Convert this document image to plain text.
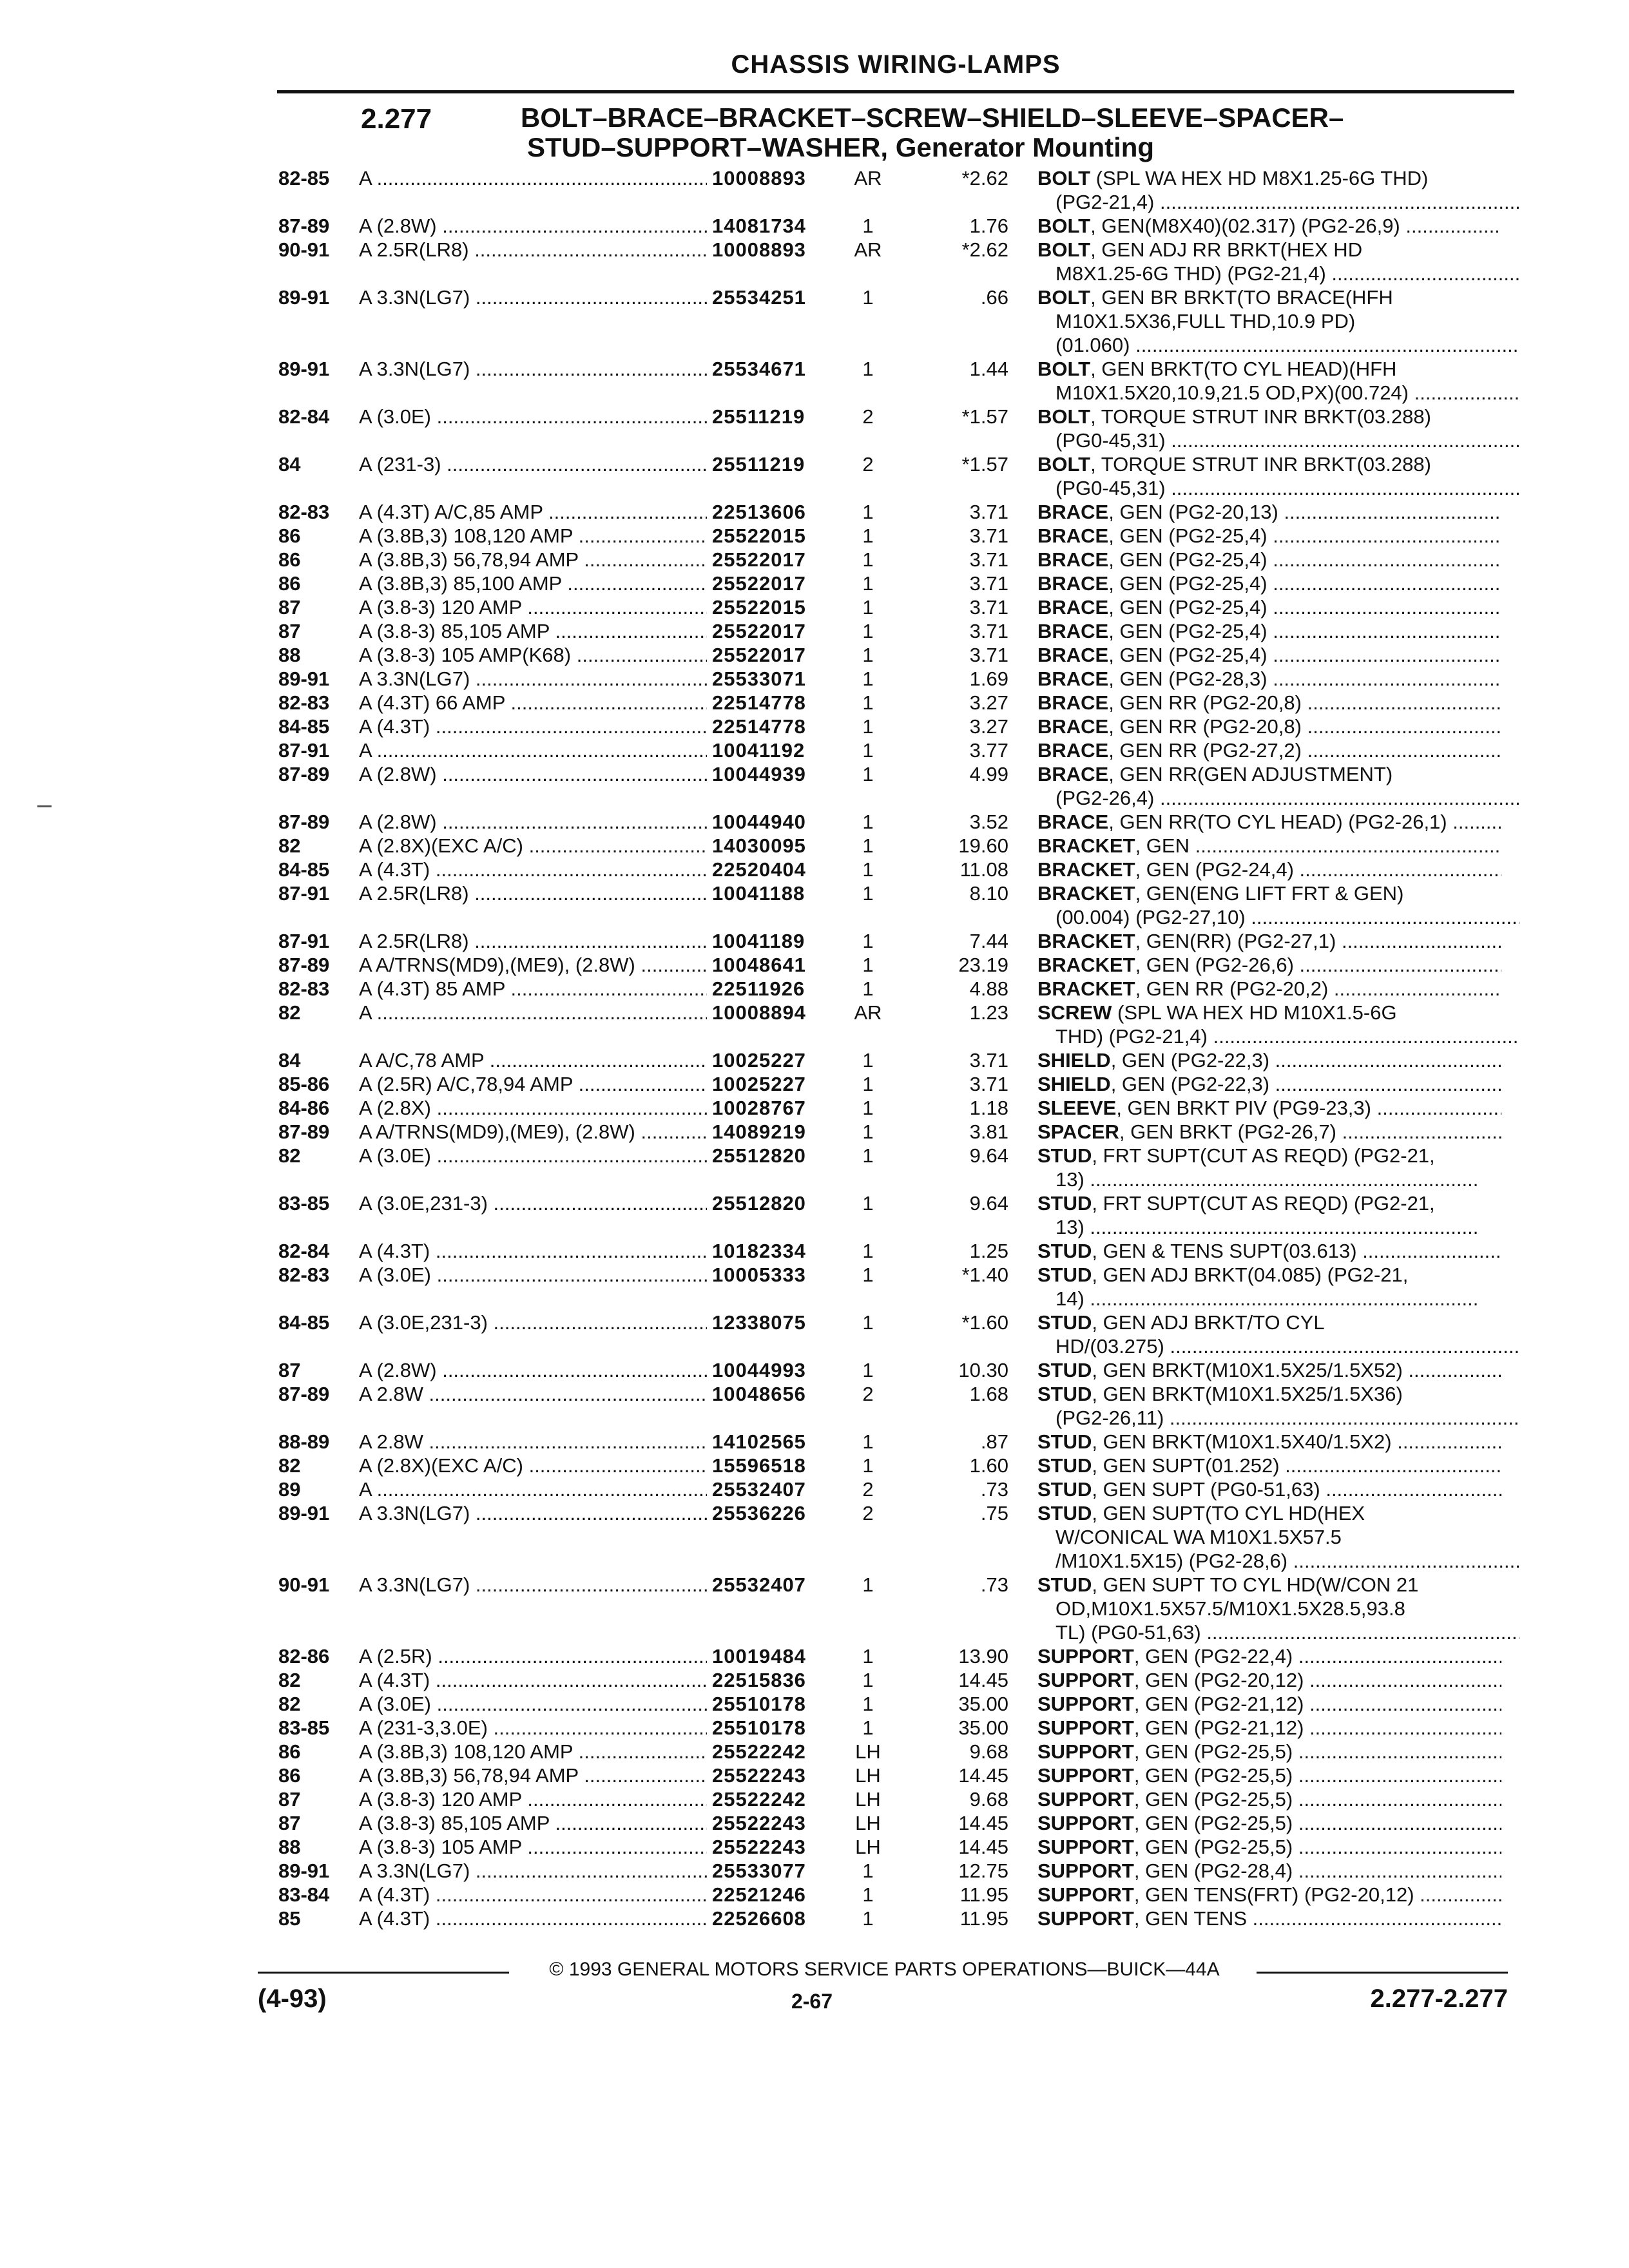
CHASSIS WIRING-LAMPS
2.277	BOLT–BRACE–BRACKET–SCREW–SHIELD–SLEEVE–SPACER–
STUD–SUPPORT–WASHER, Generator Mounting
82-85	A .....	10008893	AR	*2.62 BOLT (SPL WA HEX HD M8X1.25-6G THD)
(PG2-21,4) .....
87-89	A (2.8W) .....	14081734	1	1.76 BOLT, GEN(M8X40)(02.317) (PG2-26,9) .....
90-91	A 2.5R(LR8) .....	10008893	AR	*2.62 BOLT, GEN ADJ RR BRKT(HEX HD
M8X1.25-6G THD) (PG2-21,4) .....
89-91	A 3.3N(LG7) .....	25534251	1	.66 BOLT, GEN BR BRKT(TO BRACE(HFH
M10X1.5X36,FULL THD,10.9 PD)
(01.060) .....
89-91	A 3.3N(LG7) .....	25534671	1	1.44 BOLT, GEN BRKT(TO CYL HEAD)(HFH
M10X1.5X20,10.9,21.5 OD,PX)(00.724) .....
82-84	A (3.0E) .....	25511219	2	*1.57 BOLT, TORQUE STRUT INR BRKT(03.288)
(PG0-45,31) .....
84	A (231-3) .....	25511219	2	*1.57 BOLT, TORQUE STRUT INR BRKT(03.288)
(PG0-45,31) .....
82-83	A (4.3T) A/C,85 AMP .....	22513606	1	3.71 BRACE, GEN (PG2-20,13) .....
86	A (3.8B,3) 108,120 AMP .....	25522015	1	3.71 BRACE, GEN (PG2-25,4) .....
86	A (3.8B,3) 56,78,94 AMP .....	25522017	1	3.71 BRACE, GEN (PG2-25,4) .....
86	A (3.8B,3) 85,100 AMP .....	25522017	1	3.71 BRACE, GEN (PG2-25,4) .....
87	A (3.8-3) 120 AMP .....	25522015	1	3.71 BRACE, GEN (PG2-25,4) .....
87	A (3.8-3) 85,105 AMP .....	25522017	1	3.71 BRACE, GEN (PG2-25,4) .....
88	A (3.8-3) 105 AMP(K68) .....	25522017	1	3.71 BRACE, GEN (PG2-25,4) .....
89-91	A 3.3N(LG7) .....	25533071	1	1.69 BRACE, GEN (PG2-28,3) .....
82-83	A (4.3T) 66 AMP .....	22514778	1	3.27 BRACE, GEN RR (PG2-20,8) .....
84-85	A (4.3T) .....	22514778	1	3.27 BRACE, GEN RR (PG2-20,8) .....
87-91	A .....	10041192	1	3.77 BRACE, GEN RR (PG2-27,2) .....
87-89	A (2.8W) .....	10044939	1	4.99 BRACE, GEN RR(GEN ADJUSTMENT)
(PG2-26,4) .....
87-89	A (2.8W) .....	10044940	1	3.52 BRACE, GEN RR(TO CYL HEAD) (PG2-26,1) .....
82	A (2.8X)(EXC A/C) .....	14030095	1	19.60 BRACKET, GEN .....
84-85	A (4.3T) .....	22520404	1	11.08 BRACKET, GEN (PG2-24,4) .....
87-91	A 2.5R(LR8) .....	10041188	1	8.10 BRACKET, GEN(ENG LIFT FRT & GEN)
(00.004) (PG2-27,10) .....
87-91	A 2.5R(LR8) .....	10041189	1	7.44 BRACKET, GEN(RR) (PG2-27,1) .....
87-89	A A/TRNS(MD9),(ME9), (2.8W) .....	10048641	1	23.19 BRACKET, GEN (PG2-26,6) .....
82-83	A (4.3T) 85 AMP .....	22511926	1	4.88 BRACKET, GEN RR (PG2-20,2) .....
82	A .....	10008894	AR	1.23 SCREW (SPL WA HEX HD M10X1.5-6G
THD) (PG2-21,4) .....
84	A A/C,78 AMP .....	10025227	1	3.71 SHIELD, GEN (PG2-22,3) .....
85-86	A (2.5R) A/C,78,94 AMP .....	10025227	1	3.71 SHIELD, GEN (PG2-22,3) .....
84-86	A (2.8X) .....	10028767	1	1.18 SLEEVE, GEN BRKT PIV (PG9-23,3) .....
87-89	A A/TRNS(MD9),(ME9), (2.8W) .....	14089219	1	3.81 SPACER, GEN BRKT (PG2-26,7) .....
82	A (3.0E) .....	25512820	1	9.64 STUD, FRT SUPT(CUT AS REQD) (PG2-21,
13) .....
83-85	A (3.0E,231-3) .....	25512820	1	9.64 STUD, FRT SUPT(CUT AS REQD) (PG2-21,
13) .....
82-84	A (4.3T) .....	10182334	1	1.25 STUD, GEN & TENS SUPT(03.613) .....
82-83	A (3.0E) .....	10005333	1	*1.40 STUD, GEN ADJ BRKT(04.085) (PG2-21,
14) .....
84-85	A (3.0E,231-3) .....	12338075	1	*1.60 STUD, GEN ADJ BRKT/TO CYL
HD/(03.275) .....
87	A (2.8W) .....	10044993	1	10.30 STUD, GEN BRKT(M10X1.5X25/1.5X52) .....
87-89	A 2.8W .....	10048656	2	1.68 STUD, GEN BRKT(M10X1.5X25/1.5X36)
(PG2-26,11) .....
88-89	A 2.8W .....	14102565	1	.87 STUD, GEN BRKT(M10X1.5X40/1.5X2) .....
82	A (2.8X)(EXC A/C) .....	15596518	1	1.60 STUD, GEN SUPT(01.252) .....
89	A .....	25532407	2	.73 STUD, GEN SUPT (PG0-51,63) .....
89-91	A 3.3N(LG7) .....	25536226	2	.75 STUD, GEN SUPT(TO CYL HD(HEX
W/CONICAL WA M10X1.5X57.5
/M10X1.5X15) (PG2-28,6) .....
90-91	A 3.3N(LG7) .....	25532407	1	.73 STUD, GEN SUPT TO CYL HD(W/CON 21
OD,M10X1.5X57.5/M10X1.5X28.5,93.8
TL) (PG0-51,63) .....
82-86	A (2.5R) .....	10019484	1	13.90 SUPPORT, GEN (PG2-22,4) .....
82	A (4.3T) .....	22515836	1	14.45 SUPPORT, GEN (PG2-20,12) .....
82	A (3.0E) .....	25510178	1	35.00 SUPPORT, GEN (PG2-21,12) .....
83-85	A (231-3,3.0E) .....	25510178	1	35.00 SUPPORT, GEN (PG2-21,12) .....
86	A (3.8B,3) 108,120 AMP .....	25522242	LH	9.68 SUPPORT, GEN (PG2-25,5) .....
86	A (3.8B,3) 56,78,94 AMP .....	25522243	LH	14.45 SUPPORT, GEN (PG2-25,5) .....
87	A (3.8-3) 120 AMP .....	25522242	LH	9.68 SUPPORT, GEN (PG2-25,5) .....
87	A (3.8-3) 85,105 AMP .....	25522243	LH	14.45 SUPPORT, GEN (PG2-25,5) .....
88	A (3.8-3) 105 AMP .....	25522243	LH	14.45 SUPPORT, GEN (PG2-25,5) .....
89-91	A 3.3N(LG7) .....	25533077	1	12.75 SUPPORT, GEN (PG2-28,4) .....
83-84	A (4.3T) .....	22521246	1	11.95 SUPPORT, GEN TENS(FRT) (PG2-20,12) .....
85	A (4.3T) .....	22526608	1	11.95 SUPPORT, GEN TENS .....
© 1993 GENERAL MOTORS SERVICE PARTS OPERATIONS—BUICK—44A
(4-93)	2-67	2.277-2.277
